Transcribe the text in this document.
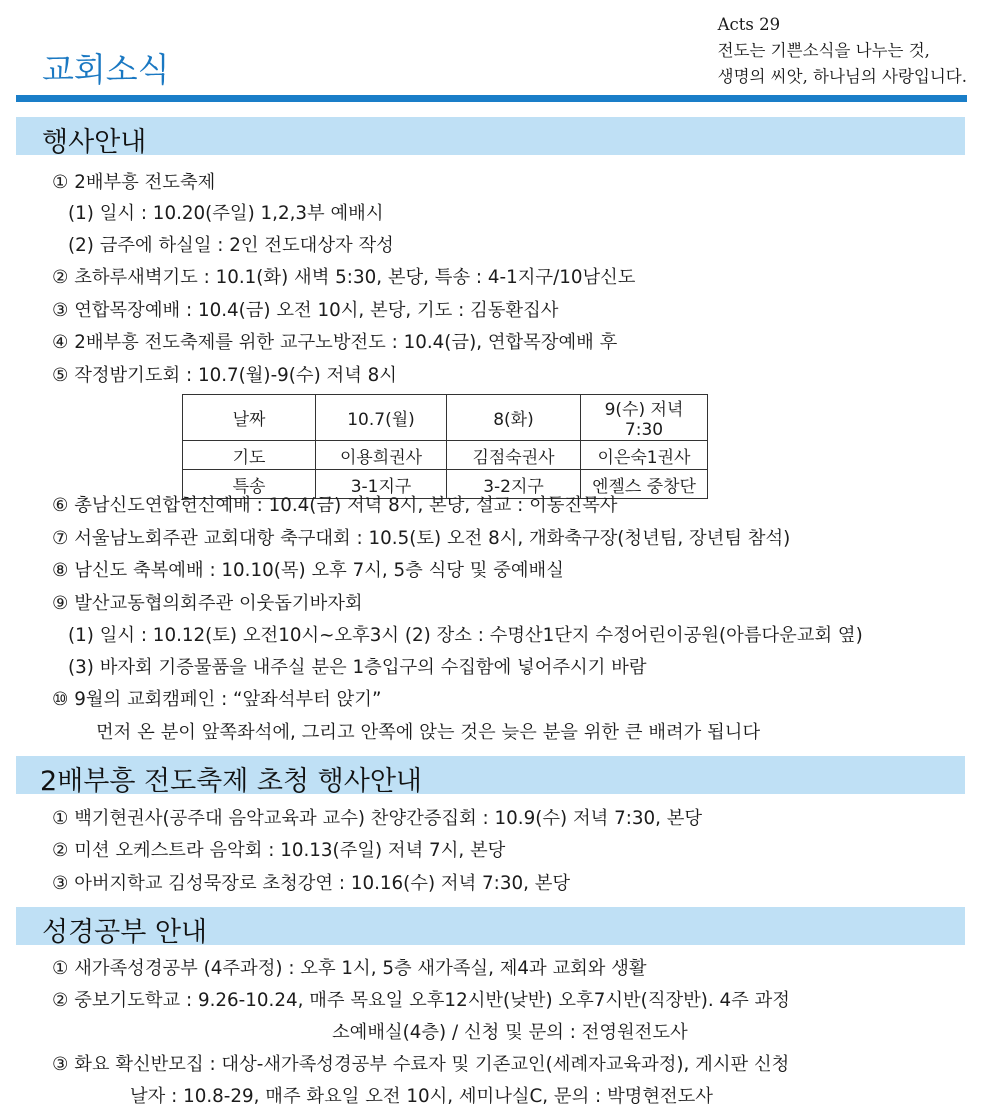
교회소식
Acts 29
전도는 기쁜소식을 나누는 것,
생명의 씨앗, 하나님의 사랑입니다.
행사안내
① 2배부흥 전도축제
(1) 일시 : 10.20(주일) 1,2,3부 예배시
(2) 금주에 하실일 : 2인 전도대상자 작성
② 초하루새벽기도 : 10.1(화) 새벽 5:30, 본당, 특송 : 4-1지구/10남신도
③ 연합목장예배 : 10.4(금) 오전 10시, 본당, 기도 : 김동환집사
④ 2배부흥 전도축제를 위한 교구노방전도 : 10.4(금), 연합목장예배 후
⑤ 작정밤기도회 : 10.7(월)-9(수) 저녁 8시
날짜	10.7(월)	8(화)	9(수) 저녁 7:30
기도	이용희권사	김점숙권사	이은숙1권사
특송	3-1지구	3-2지구	엔젤스 중창단
⑥ 총남신도연합헌신예배 : 10.4(금) 저녁 8시, 본당, 설교 : 이동진목사
⑦ 서울남노회주관 교회대항 축구대회 : 10.5(토) 오전 8시, 개화축구장(청년팀, 장년팀 참석)
⑧ 남신도 축복예배 : 10.10(목) 오후 7시, 5층 식당 및 중예배실
⑨ 발산교동협의회주관 이웃돕기바자회
(1) 일시 : 10.12(토) 오전10시~오후3시 (2) 장소 : 수명산1단지 수정어린이공원(아름다운교회 옆)
(3) 바자회 기증물품을 내주실 분은 1층입구의 수집함에 넣어주시기 바람
⑩ 9월의 교회캠페인 : “앞좌석부터 앉기”
먼저 온 분이 앞쪽좌석에, 그리고 안쪽에 앉는 것은 늦은 분을 위한 큰 배려가 됩니다
2배부흥 전도축제 초청 행사안내
① 백기현권사(공주대 음악교육과 교수) 찬양간증집회 : 10.9(수) 저녁 7:30, 본당
② 미션 오케스트라 음악회 : 10.13(주일) 저녁 7시, 본당
③ 아버지학교 김성묵장로 초청강연 : 10.16(수) 저녁 7:30, 본당
성경공부 안내
① 새가족성경공부 (4주과정) : 오후 1시, 5층 새가족실, 제4과 교회와 생활
② 중보기도학교 : 9.26-10.24, 매주 목요일 오후12시반(낮반) 오후7시반(직장반). 4주 과정
소예배실(4층) / 신청 및 문의 : 전영원전도사
③ 화요 확신반모집 : 대상-새가족성경공부 수료자 및 기존교인(세례자교육과정), 게시판 신청
날자 : 10.8-29, 매주 화요일 오전 10시, 세미나실C, 문의 : 박명현전도사
